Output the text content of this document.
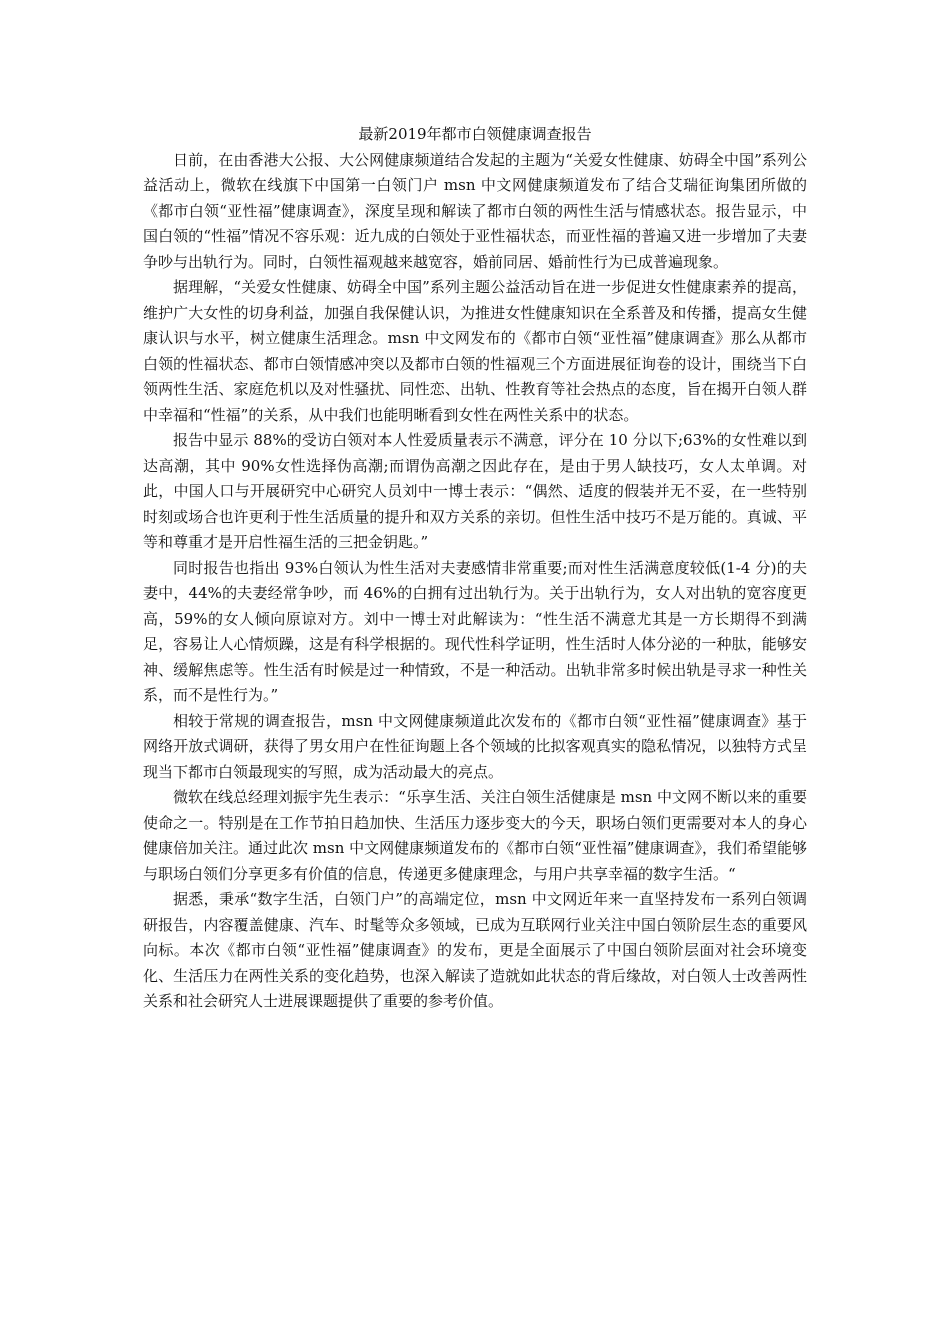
最新2019年都市白领健康调查报告

日前，在由香港大公报、大公网健康频道结合发起的主题为“关爱女性健康、妨碍全中国”系列公益活动上，微软在线旗下中国第一白领门户 msn 中文网健康频道发布了结合艾瑞征询集团所做的《都市白领“亚性福”健康调查》，深度呈现和解读了都市白领的两性生活与情感状态。报告显示，中国白领的“性福”情况不容乐观：近九成的白领处于亚性福状态，而亚性福的普遍又进一步增加了夫妻争吵与出轨行为。同时，白领性福观越来越宽容，婚前同居、婚前性行为已成普遍现象。

据理解，“关爱女性健康、妨碍全中国”系列主题公益活动旨在进一步促进女性健康素养的提高，维护广大女性的切身利益，加强自我保健认识，为推进女性健康知识在全系普及和传播，提高女生健康认识与水平，树立健康生活理念。msn 中文网发布的《都市白领“亚性福”健康调查》那么从都市白领的性福状态、都市白领情感冲突以及都市白领的性福观三个方面进展征询卷的设计，围绕当下白领两性生活、家庭危机以及对性骚扰、同性恋、出轨、性教育等社会热点的态度，旨在揭开白领人群中幸福和“性福”的关系，从中我们也能明晰看到女性在两性关系中的状态。

报告中显示 88%的受访白领对本人性爱质量表示不满意，评分在 10 分以下;63%的女性难以到达高潮，其中 90%女性选择伪高潮;而谓伪高潮之因此存在，是由于男人缺技巧，女人太单调。对此，中国人口与开展研究中心研究人员刘中一博士表示：“偶然、适度的假装并无不妥，在一些特别时刻或场合也许更利于性生活质量的提升和双方关系的亲切。但性生活中技巧不是万能的。真诚、平等和尊重才是开启性福生活的三把金钥匙。”

同时报告也指出 93%白领认为性生活对夫妻感情非常重要;而对性生活满意度较低(1-4 分)的夫妻中，44%的夫妻经常争吵，而 46%的白拥有过出轨行为。关于出轨行为，女人对出轨的宽容度更高，59%的女人倾向原谅对方。刘中一博士对此解读为：“性生活不满意尤其是一方长期得不到满足，容易让人心情烦躁，这是有科学根据的。现代性科学证明，性生活时人体分泌的一种肽，能够安神、缓解焦虑等。性生活有时候是过一种情致，不是一种活动。出轨非常多时候出轨是寻求一种性关系，而不是性行为。”

相较于常规的调查报告，msn 中文网健康频道此次发布的《都市白领“亚性福”健康调查》基于网络开放式调研，获得了男女用户在性征询题上各个领域的比拟客观真实的隐私情况，以独特方式呈现当下都市白领最现实的写照，成为活动最大的亮点。

微软在线总经理刘振宇先生表示：“乐享生活、关注白领生活健康是 msn 中文网不断以来的重要使命之一。特别是在工作节拍日趋加快、生活压力逐步变大的今天，职场白领们更需要对本人的身心健康倍加关注。通过此次 msn 中文网健康频道发布的《都市白领“亚性福”健康调查》，我们希望能够与职场白领们分享更多有价值的信息，传递更多健康理念，与用户共享幸福的数字生活。“

据悉，秉承“数字生活，白领门户”的高端定位，msn 中文网近年来一直坚持发布一系列白领调研报告，内容覆盖健康、汽车、时髦等众多领域，已成为互联网行业关注中国白领阶层生态的重要风向标。本次《都市白领“亚性福”健康调查》的发布，更是全面展示了中国白领阶层面对社会环境变化、生活压力在两性关系的变化趋势，也深入解读了造就如此状态的背后缘故，对白领人士改善两性关系和社会研究人士进展课题提供了重要的参考价值。
